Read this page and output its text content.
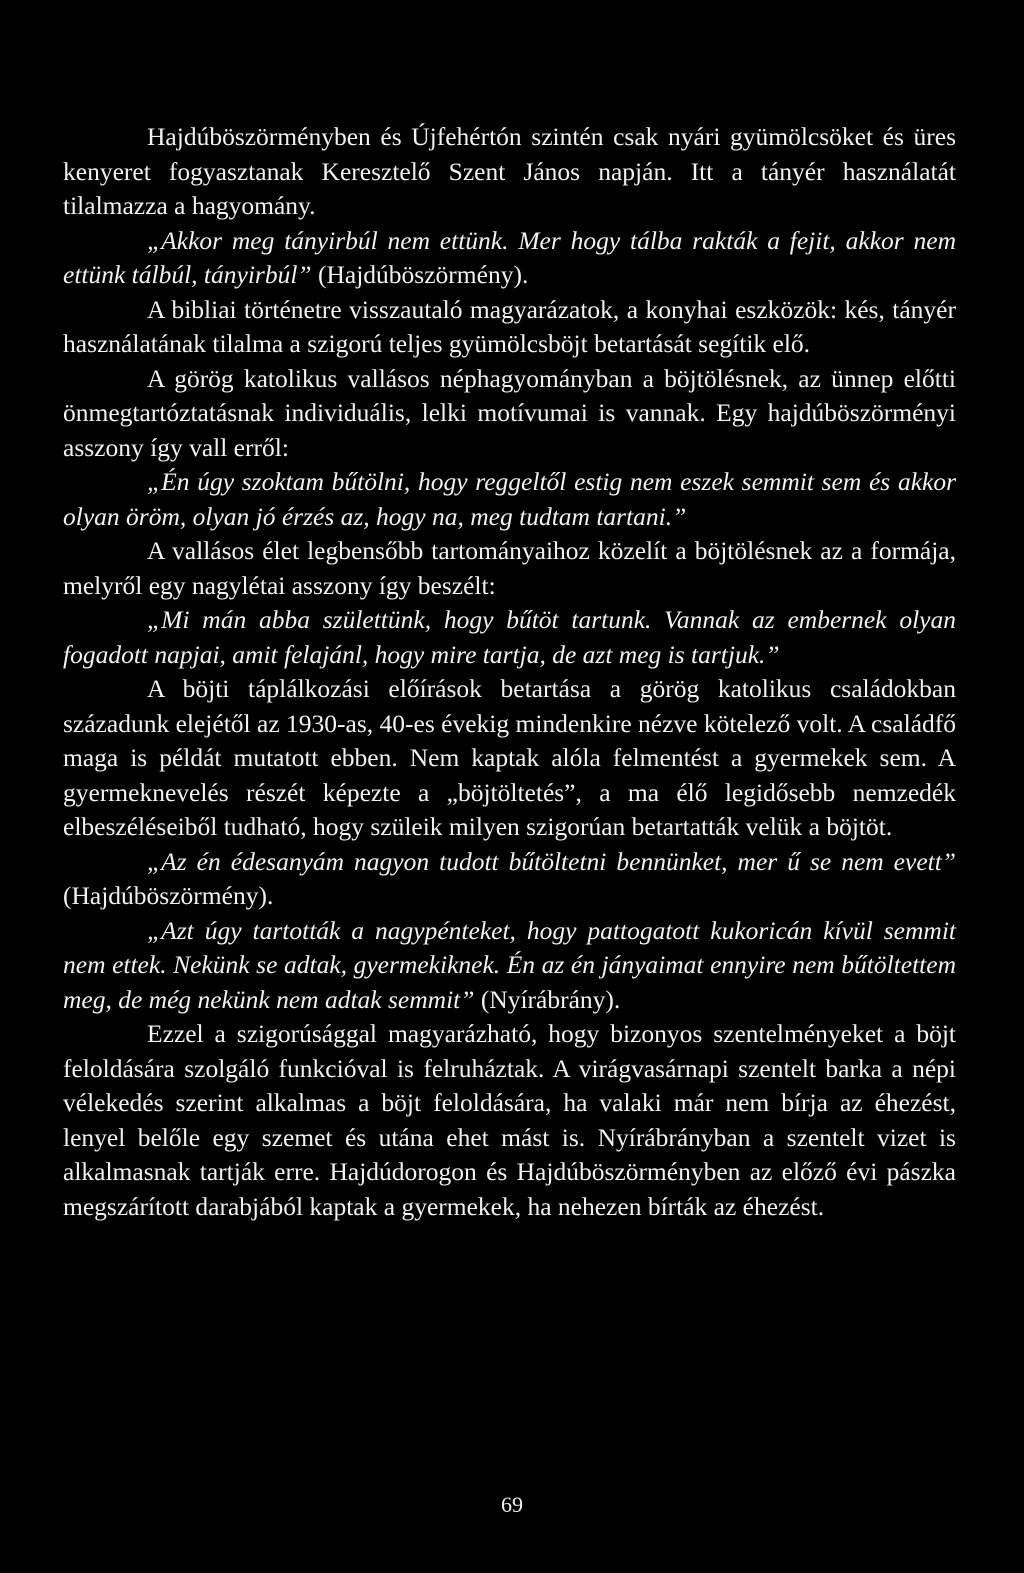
Hajdúböszörményben és Újfehértón szintén csak nyári gyümölcsöket és üres kenyeret fogyasztanak Keresztelő Szent János napján. Itt a tányér használatát tilalmazza a hagyomány.

„Akkor meg tányirbúl nem ettünk. Mer hogy tálba rakták a fejit, akkor nem ettünk tálbúl, tányirbúl” (Hajdúböszörmény).

A bibliai történetre visszautaló magyarázatok, a konyhai eszközök: kés, tányér használatának tilalma a szigorú teljes gyümölcsböjt betartását segítik elő.

A görög katolikus vallásos néphagyományban a böjtölésnek, az ünnep előtti önmegtartóztatásnak individuális, lelki motívumai is vannak. Egy hajdúböszörményi asszony így vall erről:

„Én úgy szoktam bűtölni, hogy reggeltől estig nem eszek semmit sem és akkor olyan öröm, olyan jó érzés az, hogy na, meg tudtam tartani.”

A vallásos élet legbensőbb tartományaihoz közelít a böjtölésnek az a formája, melyről egy nagylétai asszony így beszélt:

„Mi mán abba születtünk, hogy bűtöt tartunk. Vannak az embernek olyan fogadott napjai, amit felajánl, hogy mire tartja, de azt meg is tartjuk.”

A böjti táplálkozási előírások betartása a görög katolikus családokban századunk elejétől az 1930-as, 40-es évekig mindenkire nézve kötelező volt. A családfő maga is példát mutatott ebben. Nem kaptak alóla felmentést a gyermekek sem. A gyermeknevelés részét képezte a „böjtöltetés”, a ma élő legidősebb nemzedék elbeszéléseiből tudható, hogy szüleik milyen szigorúan betartatták velük a böjtöt.

„Az én édesanyám nagyon tudott bűtöltetni bennünket, mer ű se nem evett” (Hajdúböszörmény).

„Azt úgy tartották a nagypénteket, hogy pattogatott kukoricán kívül semmit nem ettek. Nekünk se adtak, gyermekiknek. Én az én jányaimat ennyire nem bűtöltettem meg, de még nekünk nem adtak semmit” (Nyírábrány).

Ezzel a szigorúsággal magyarázható, hogy bizonyos szentelményeket a böjt feloldására szolgáló funkcióval is felruháztak. A virágvasárnapi szentelt barka a népi vélekedés szerint alkalmas a böjt feloldására, ha valaki már nem bírja az éhezést, lenyel belőle egy szemet és utána ehet mást is. Nyírábrányban a szentelt vizet is alkalmasnak tartják erre. Hajdúdorogon és Hajdúböszörményben az előző évi pászka megszárított darabjából kaptak a gyermekek, ha nehezen bírták az éhezést.

69
